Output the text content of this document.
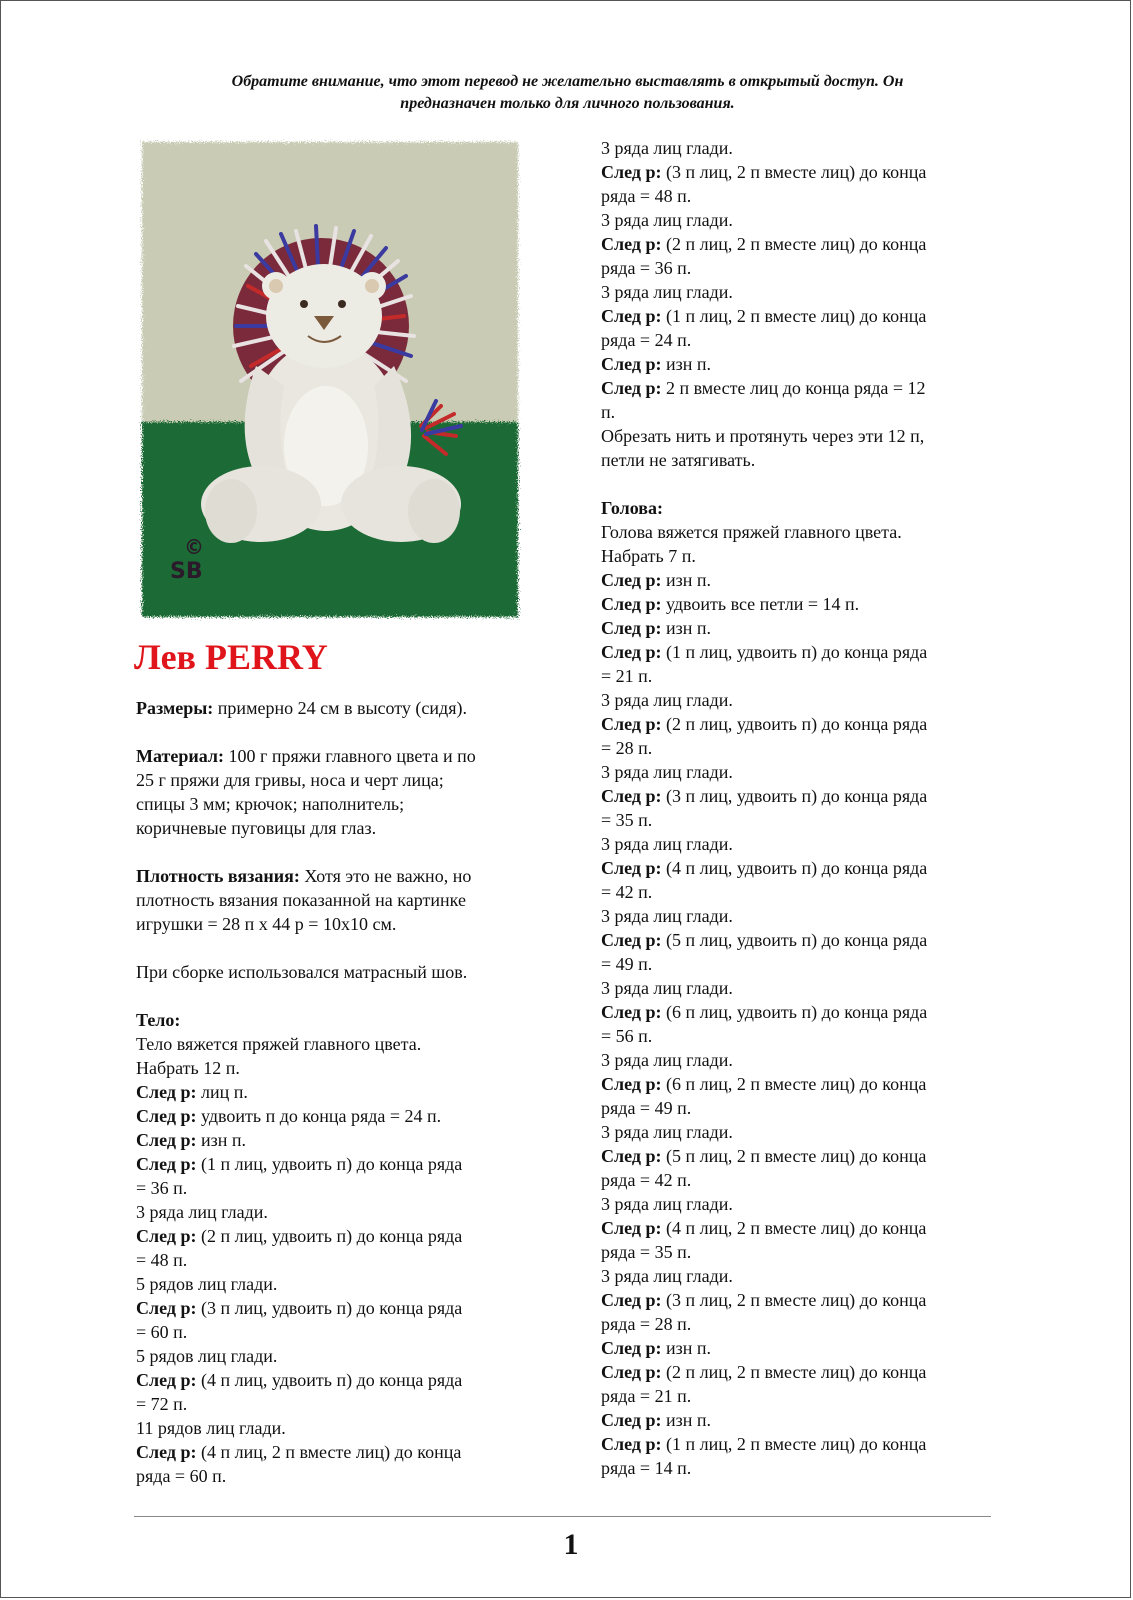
Обратите внимание, что этот перевод не желательно выставлять в открытый доступ. Он
предназначен только для личного пользования.
©
SB
Лев PERRY
Размеры: примерно 24 см в высоту (сидя).
Материал: 100 г пряжи главного цвета и по
25 г пряжи для гривы, носа и черт лица;
спицы 3 мм; крючок; наполнитель;
коричневые пуговицы для глаз.
Плотность вязания: Хотя это не важно, но
плотность вязания показанной на картинке
игрушки = 28 п х 44 р = 10х10 см.
При сборке использовался матрасный шов.
Тело:
Тело вяжется пряжей главного цвета.
Набрать 12 п.
След р: лиц п.
След р: удвоить п до конца ряда = 24 п.
След р: изн п.
След р: (1 п лиц, удвоить п) до конца ряда
= 36 п.
3 ряда лиц глади.
След р: (2 п лиц, удвоить п) до конца ряда
= 48 п.
5 рядов лиц глади.
След р: (3 п лиц, удвоить п) до конца ряда
= 60 п.
5 рядов лиц глади.
След р: (4 п лиц, удвоить п) до конца ряда
= 72 п.
11 рядов лиц глади.
След р: (4 п лиц, 2 п вместе лиц) до конца
ряда = 60 п.
3 ряда лиц глади.
След р: (3 п лиц, 2 п вместе лиц) до конца
ряда = 48 п.
3 ряда лиц глади.
След р: (2 п лиц, 2 п вместе лиц) до конца
ряда = 36 п.
3 ряда лиц глади.
След р: (1 п лиц, 2 п вместе лиц) до конца
ряда = 24 п.
След р: изн п.
След р: 2 п вместе лиц до конца ряда = 12
п.
Обрезать нить и протянуть через эти 12 п,
петли не затягивать.
Голова:
Голова вяжется пряжей главного цвета.
Набрать 7 п.
След р: изн п.
След р: удвоить все петли = 14 п.
След р: изн п.
След р: (1 п лиц, удвоить п) до конца ряда
= 21 п.
3 ряда лиц глади.
След р: (2 п лиц, удвоить п) до конца ряда
= 28 п.
3 ряда лиц глади.
След р: (3 п лиц, удвоить п) до конца ряда
= 35 п.
3 ряда лиц глади.
След р: (4 п лиц, удвоить п) до конца ряда
= 42 п.
3 ряда лиц глади.
След р: (5 п лиц, удвоить п) до конца ряда
= 49 п.
3 ряда лиц глади.
След р: (6 п лиц, удвоить п) до конца ряда
= 56 п.
3 ряда лиц глади.
След р: (6 п лиц, 2 п вместе лиц) до конца
ряда = 49 п.
3 ряда лиц глади.
След р: (5 п лиц, 2 п вместе лиц) до конца
ряда = 42 п.
3 ряда лиц глади.
След р: (4 п лиц, 2 п вместе лиц) до конца
ряда = 35 п.
3 ряда лиц глади.
След р: (3 п лиц, 2 п вместе лиц) до конца
ряда = 28 п.
След р: изн п.
След р: (2 п лиц, 2 п вместе лиц) до конца
ряда = 21 п.
След р: изн п.
След р: (1 п лиц, 2 п вместе лиц) до конца
ряда = 14 п.
1
